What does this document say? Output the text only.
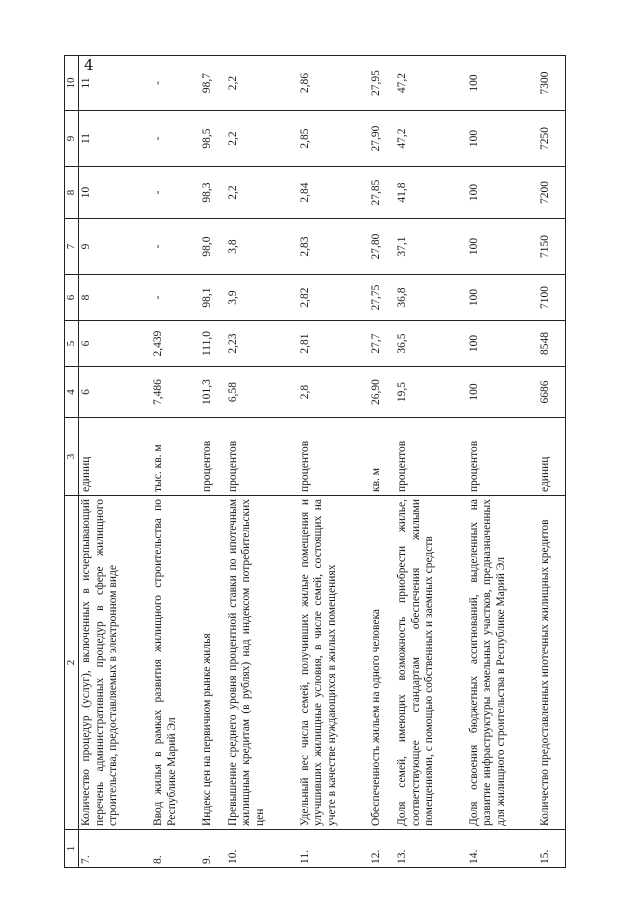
4
1	2	3	4	5	6	7	8	9	10
7.	Количество процедур (услуг), включенных в исчерпывающий перечень административных процедур в сфере жилищного строительства, предоставляемых в электронном виде	единиц	6	6	8	9	10	11	11
8.	Ввод жилья в рамках развития жилищного строительства по Республике Марий Эл	тыс. кв. м	7,486	2,439	-	-	-	-	-
9.	Индекс цен на первичном рынке жилья	процентов	101,3	111,0	98,1	98,0	98,3	98,5	98,7
10.	Превышение среднего уровня процентной ставки по ипотечным жилищным кредитам (в рублях) над индексом потребительских цен	процентов	6,58	2,23	3,9	3,8	2,2	2,2	2,2
11.	Удельный вес числа семей, получивших жилые помещения и улучшивших жилищные условия, в числе семей, состоящих на учете в качестве нуждающихся в жилых помещениях	процентов	2,8	2,81	2,82	2,83	2,84	2,85	2,86
12.	Обеспеченность жильем на одного человека	кв. м	26,90	27,7	27,75	27,80	27,85	27,90	27,95
13.	Доля семей, имеющих возможность приобрести жилье, соответствующее стандартам обеспечения жилыми помещениями, с помощью собственных и заемных средств	процентов	19,5	36,5	36,8	37,1	41,8	47,2	47,2
14.	Доля освоения бюджетных ассигнований, выделенных на развитие инфраструктуры земельных участков, предназначенных для жилищного строительства в Республике Марий Эл	процентов	100	100	100	100	100	100	100
15.	Количество предоставленных ипотечных жилищных кредитов	единиц	6686	8548	7100	7150	7200	7250	7300
